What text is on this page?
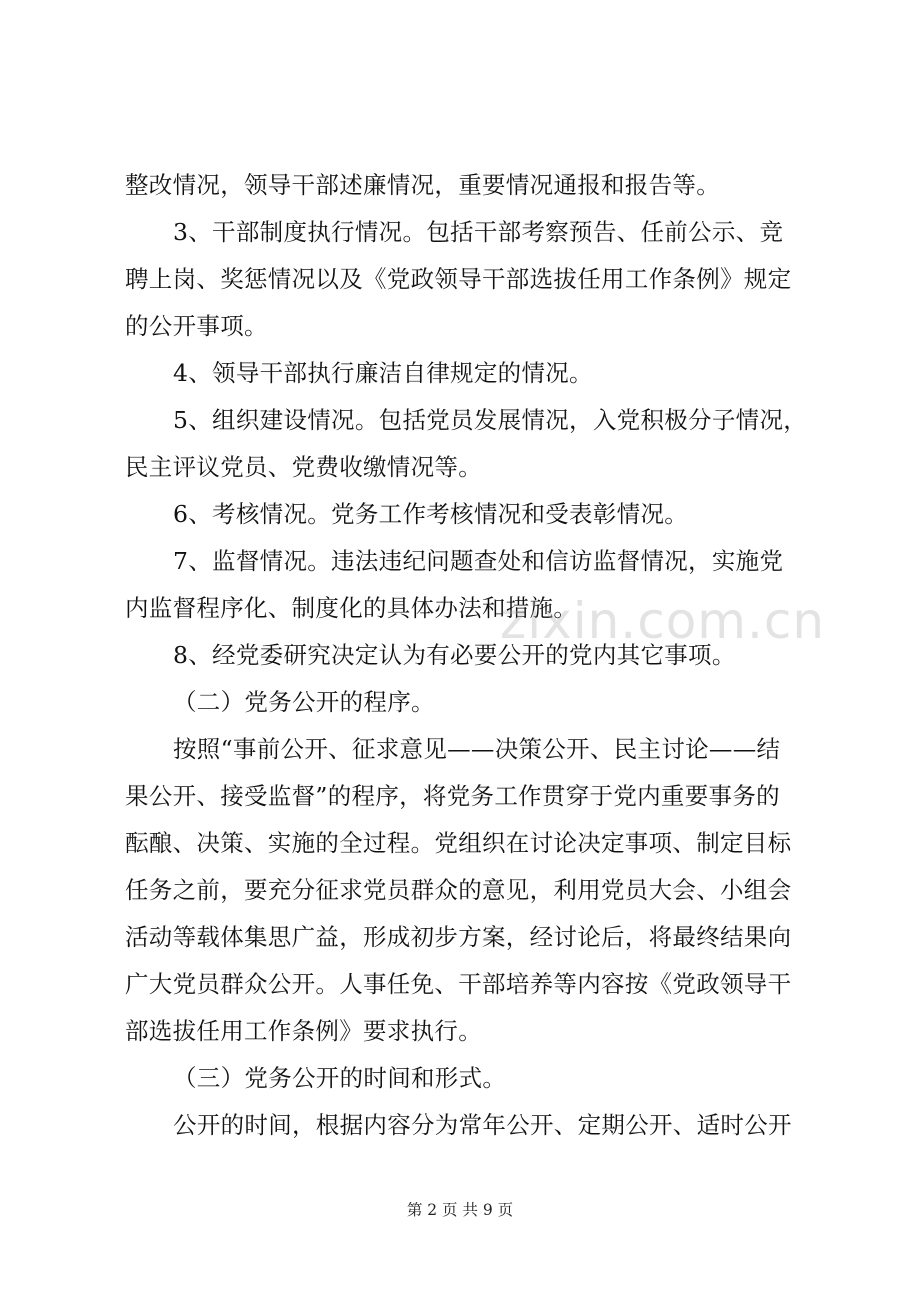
整改情况，领导干部述廉情况，重要情况通报和报告等。
3、干部制度执行情况。包括干部考察预告、任前公示、竞
聘上岗、奖惩情况以及《党政领导干部选拔任用工作条例》规定
的公开事项。
4、领导干部执行廉洁自律规定的情况。
5、组织建设情况。包括党员发展情况，入党积极分子情况，
民主评议党员、党费收缴情况等。
6、考核情况。党务工作考核情况和受表彰情况。
7、监督情况。违法违纪问题查处和信访监督情况，实施党
内监督程序化、制度化的具体办法和措施。
8、经党委研究决定认为有必要公开的党内其它事项。
（二）党务公开的程序。
按照“事前公开、征求意见——决策公开、民主讨论——结
果公开、接受监督”的程序，将党务工作贯穿于党内重要事务的
酝酿、决策、实施的全过程。党组织在讨论决定事项、制定目标
任务之前，要充分征求党员群众的意见，利用党员大会、小组会
活动等载体集思广益，形成初步方案，经讨论后，将最终结果向
广大党员群众公开。人事任免、干部培养等内容按《党政领导干
部选拔任用工作条例》要求执行。
（三）党务公开的时间和形式。
公开的时间，根据内容分为常年公开、定期公开、适时公开
zixin.com.cn
第 2 页 共 9 页
